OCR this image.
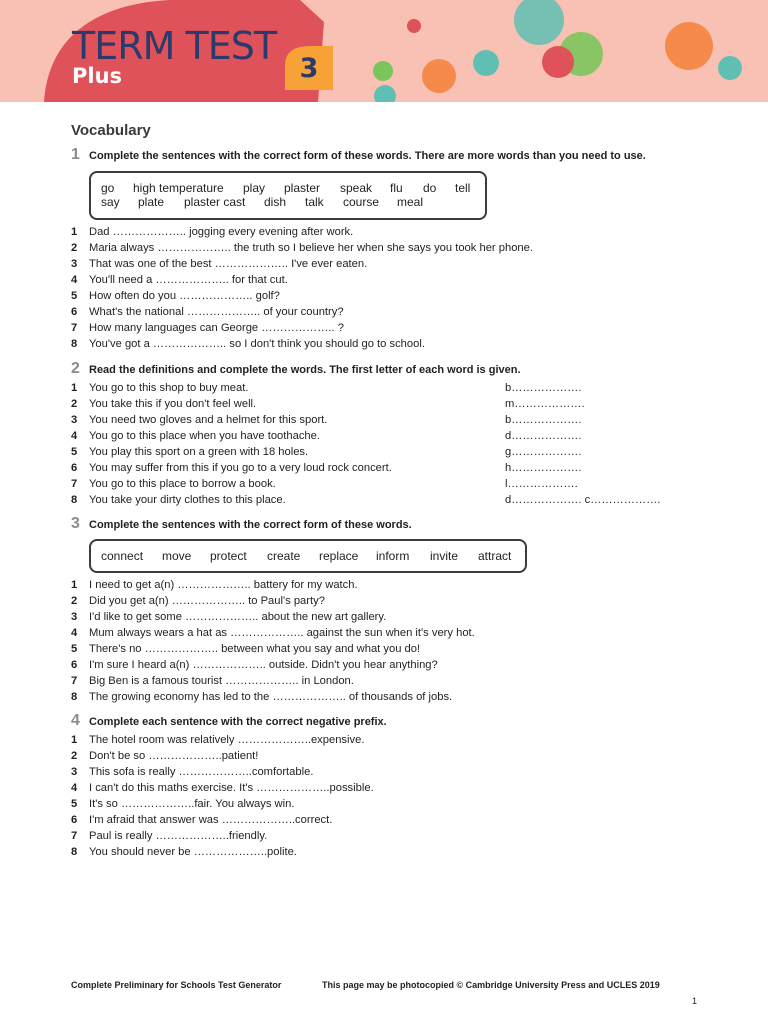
TERM TEST
Plus	3
Vocabulary
1 Complete the sentences with the correct form of these words. There are more words than you need to use.
go high temperature play plaster speak flu do tell
say plate plaster cast dish talk course meal
1	Dad ……………….. jogging every evening after work.
2	Maria always ……………….. the truth so I believe her when she says you took her phone.
3	That was one of the best ……………….. I've ever eaten.
4	You'll need a ……………….. for that cut.
5	How often do you ……………….. golf?
6	What's the national ……………….. of your country?
7	How many languages can George ……………….. ?
8	You've got a ……………….. so I don't think you should go to school.
2 Read the definitions and complete the words. The first letter of each word is given.
1	You go to this shop to buy meat.	b……………….
2	You take this if you don't feel well.	m……………….
3	You need two gloves and a helmet for this sport.	b……………….
4	You go to this place when you have toothache.	d……………….
5	You play this sport on a green with 18 holes.	g……………….
6	You may suffer from this if you go to a very loud rock concert.	h……………….
7	You go to this place to borrow a book.	l……………….
8	You take your dirty clothes to this place.	d………………. c……………….
3 Complete the sentences with the correct form of these words.
connect move protect create replace inform invite attract
1	I need to get a(n) ……………….. battery for my watch.
2	Did you get a(n) ……………….. to Paul's party?
3	I'd like to get some ……………….. about the new art gallery.
4	Mum always wears a hat as ……………….. against the sun when it's very hot.
5	There's no ……………….. between what you say and what you do!
6	I'm sure I heard a(n) ……………….. outside. Didn't you hear anything?
7	Big Ben is a famous tourist ……………….. in London.
8	The growing economy has led to the ……………….. of thousands of jobs.
4 Complete each sentence with the correct negative prefix.
1	The hotel room was relatively ………………..expensive.
2	Don't be so ………………..patient!
3	This sofa is really ………………..comfortable.
4	I can't do this maths exercise. It's ………………..possible.
5	It's so ………………..fair. You always win.
6	I'm afraid that answer was ………………..correct.
7	Paul is really ………………..friendly.
8	You should never be ………………..polite.
Complete Preliminary for Schools Test Generator	This page may be photocopied © Cambridge University Press and UCLES 2019
1
